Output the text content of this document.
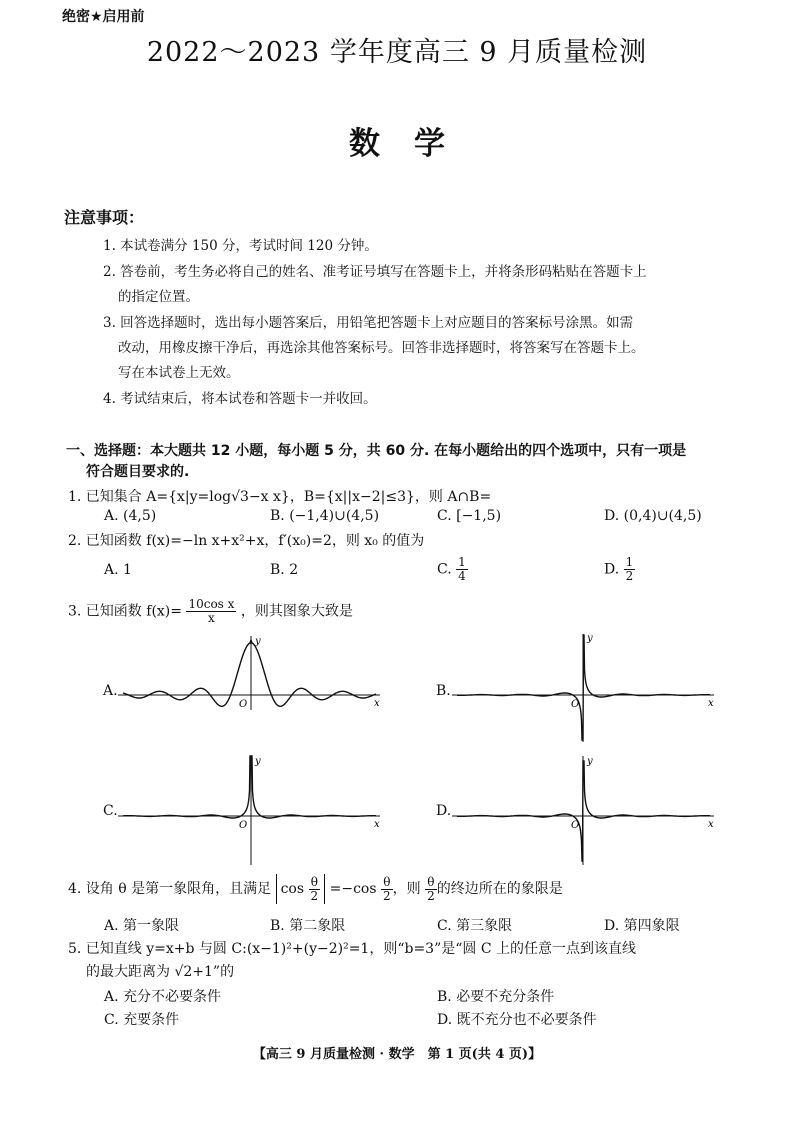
绝密★启用前
2022～2023 学年度高三 9 月质量检测
数学
注意事项：
1. 本试卷满分 150 分，考试时间 120 分钟。
2. 答卷前，考生务必将自己的姓名、准考证号填写在答题卡上，并将条形码粘贴在答题卡上
的指定位置。
3. 回答选择题时，选出每小题答案后，用铅笔把答题卡上对应题目的答案标号涂黑。如需
改动，用橡皮擦干净后，再选涂其他答案标号。回答非选择题时，将答案写在答题卡上。
写在本试卷上无效。
4. 考试结束后，将本试卷和答题卡一并收回。
一、选择题：本大题共 12 小题，每小题 5 分，共 60 分. 在每小题给出的四个选项中，只有一项是
符合题目要求的.
1. 已知集合 A={x|y=log√3−x x}，B={x||x−2|≤3}，则 A∩B=
A. (4,5)	B. (−1,4)∪(4,5)	C. [−1,5)	D. (0,4)∪(4,5)
2. 已知函数 f(x)=−ln x+x²+x，f′(x₀)=2，则 x₀ 的值为
A. 1	B. 2	C. $\frac{1}{4}$	D. $\frac{1}{2}$
3. 已知函数 $f(x)= \frac{\text{10cos x}}{x}$ ，则其图象大致是
A.	B.
C.	D.
x
y
O	x
y
O
x
y
O	x
y
O
4. 设角 θ 是第一象限角，且满足 $\cos \frac{\theta}{2} =-\cos \frac{\theta}{2}$ ，则 $\frac{\theta}{2}$ 的终边所在的象限是
A. 第一象限	B. 第二象限	C. 第三象限	D. 第四象限
5. 已知直线 y=x+b 与圆 C:(x−1)²+(y−2)²=1，则“b=3”是“圆 C 上的任意一点到该直线
的最大距离为 √2+1”的
A. 充分不必要条件	B. 必要不充分条件
C. 充要条件	D. 既不充分也不必要条件
【高三 9 月质量检测 · 数学　第 1 页(共 4 页)】
